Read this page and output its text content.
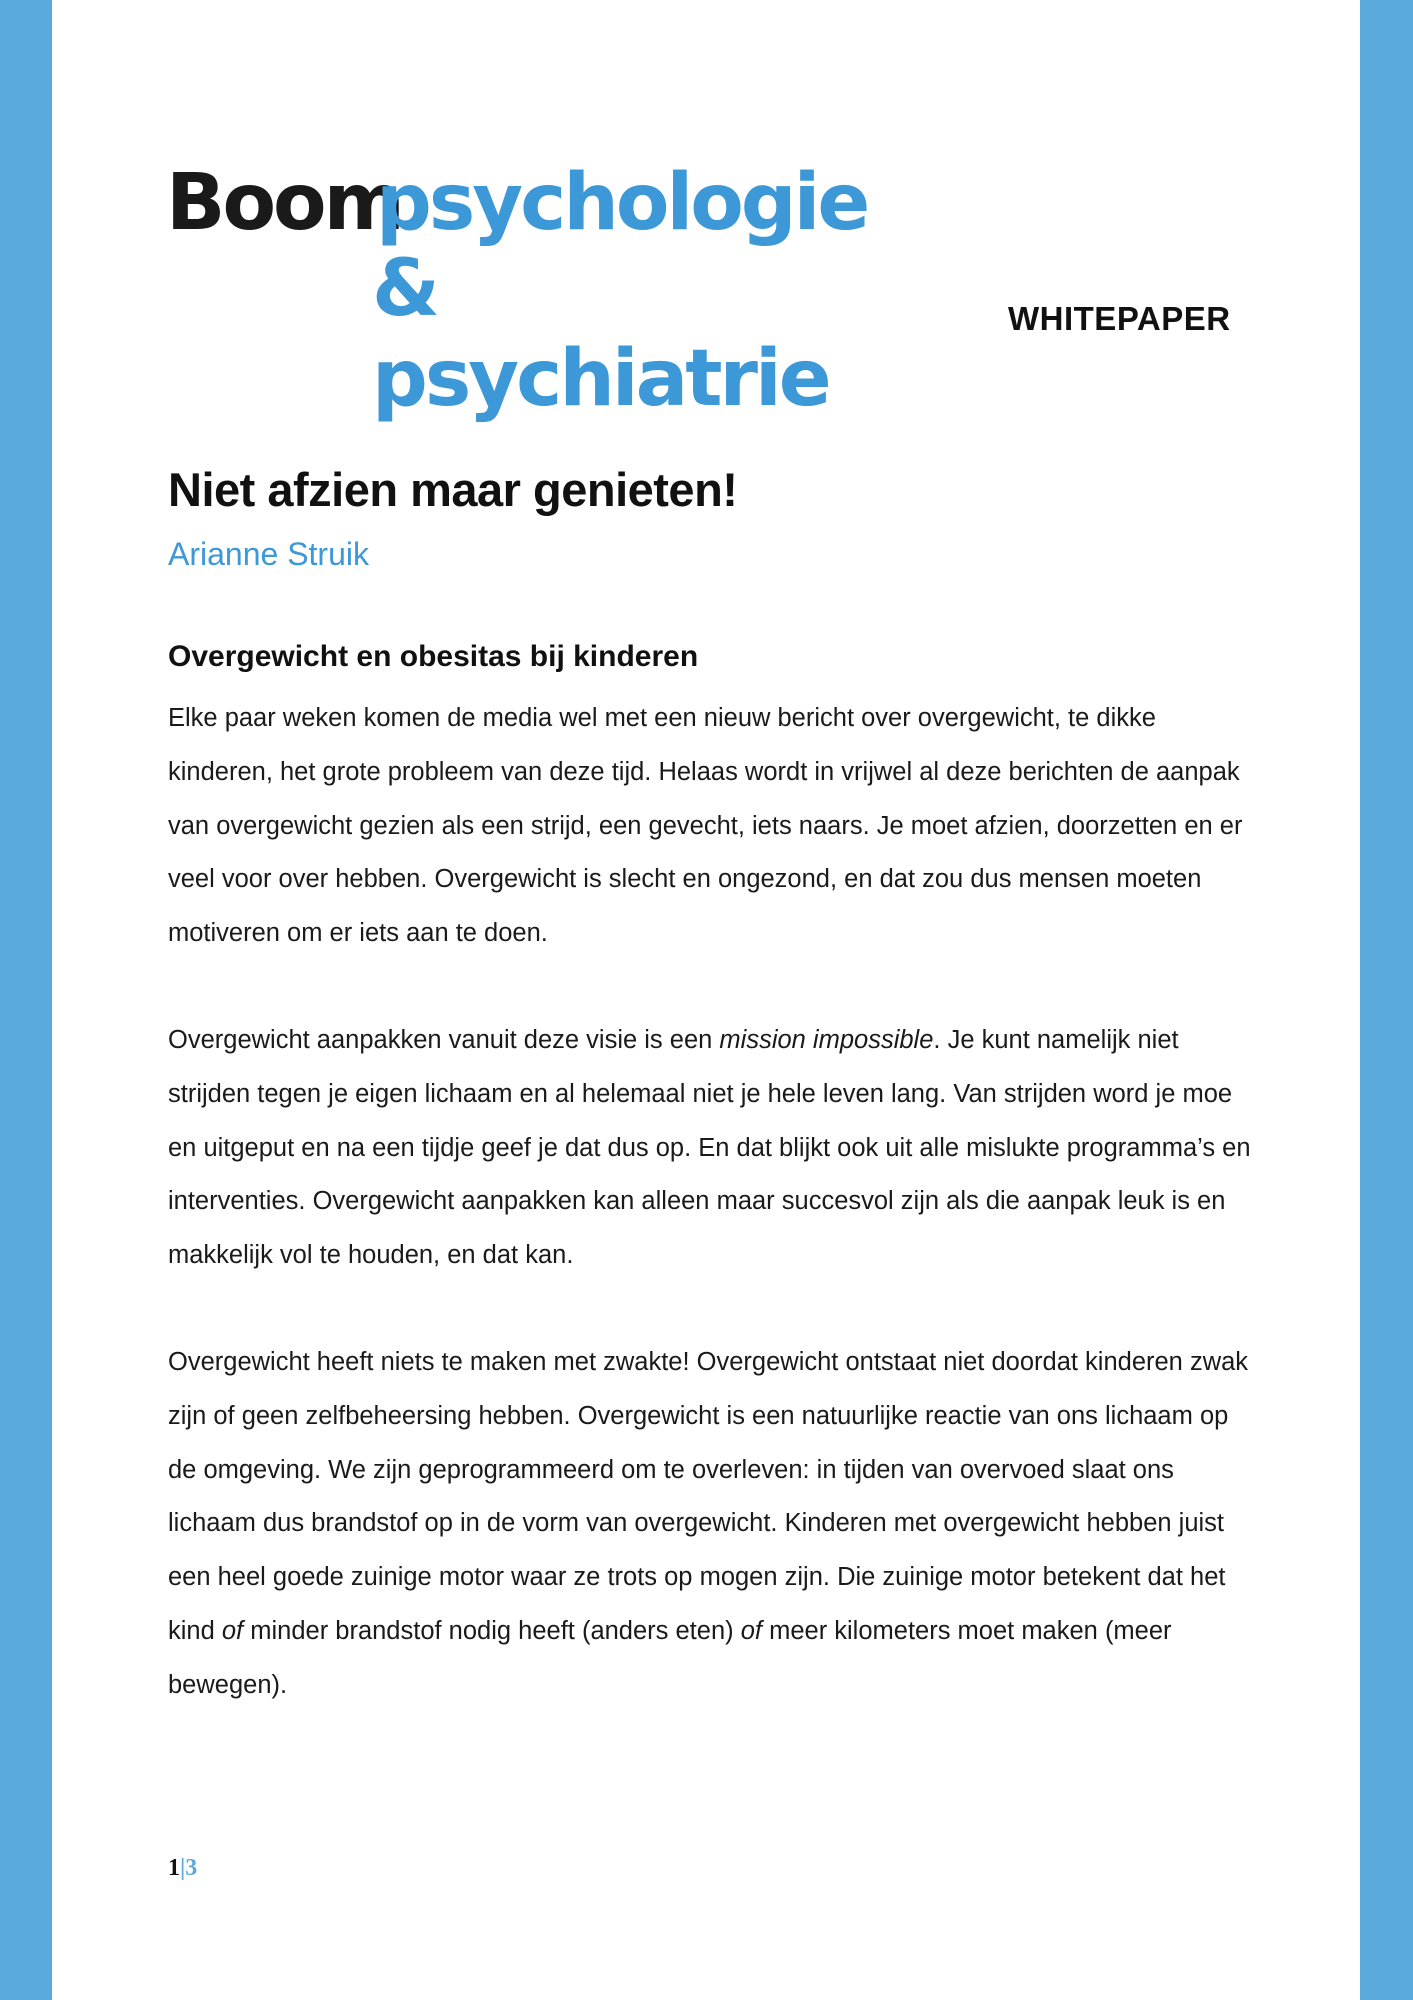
Boom
psychologie
& psychiatrie
WHITEPAPER
Niet afzien maar genieten!
Arianne Struik
Overgewicht en obesitas bij kinderen

Elke paar weken komen de media wel met een nieuw bericht over overgewicht, te dikke kinderen, het grote probleem van deze tijd. Helaas wordt in vrijwel al deze berichten de aanpak van overgewicht gezien als een strijd, een gevecht, iets naars. Je moet afzien, doorzetten en er veel voor over hebben. Overgewicht is slecht en ongezond, en dat zou dus mensen moeten motiveren om er iets aan te doen.

Overgewicht aanpakken vanuit deze visie is een mission impossible. Je kunt namelijk niet strijden tegen je eigen lichaam en al helemaal niet je hele leven lang. Van strijden word je moe en uitgeput en na een tijdje geef je dat dus op. En dat blijkt ook uit alle mislukte programma’s en interventies. Overgewicht aanpakken kan alleen maar succesvol zijn als die aanpak leuk is en makkelijk vol te houden, en dat kan.

Overgewicht heeft niets te maken met zwakte! Overgewicht ontstaat niet doordat kinderen zwak zijn of geen zelfbeheersing hebben. Overgewicht is een natuurlijke reactie van ons lichaam op de omgeving. We zijn geprogrammeerd om te overleven: in tijden van overvoed slaat ons lichaam dus brandstof op in de vorm van overgewicht. Kinderen met overgewicht hebben juist een heel goede zuinige motor waar ze trots op mogen zijn. Die zuinige motor betekent dat het kind of minder brandstof nodig heeft (anders eten) of meer kilometers moet maken (meer bewegen).

1|3
